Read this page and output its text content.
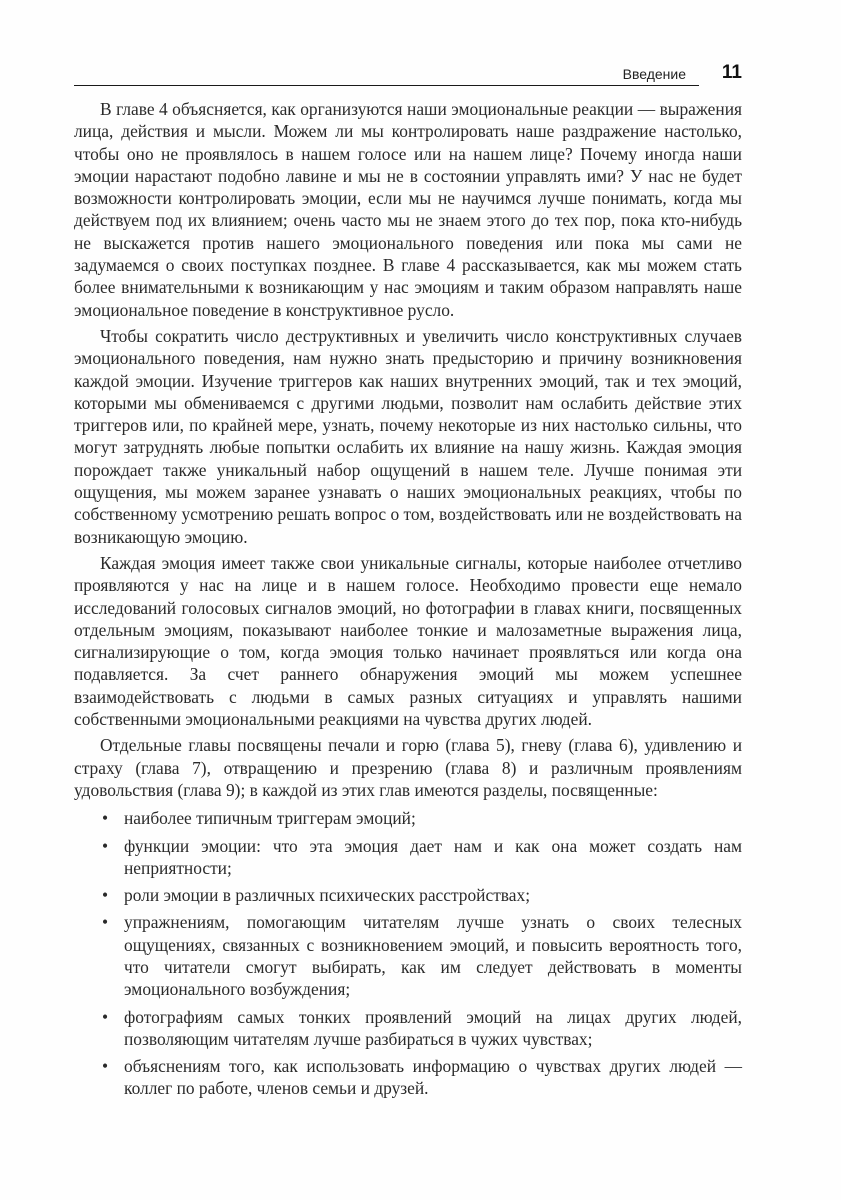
Введение 11

В главе 4 объясняется, как организуются наши эмоциональные реакции — выражения лица, действия и мысли. Можем ли мы контролировать наше раздражение настолько, чтобы оно не проявлялось в нашем голосе или на нашем лице? Почему иногда наши эмоции нарастают подобно лавине и мы не в состоянии управлять ими? У нас не будет возможности контролировать эмоции, если мы не научимся лучше понимать, когда мы действуем под их влиянием; очень часто мы не знаем этого до тех пор, пока кто-нибудь не выскажется против нашего эмоционального поведения или пока мы сами не задумаемся о своих поступках позднее. В главе 4 рассказывается, как мы можем стать более внимательными к возникающим у нас эмоциям и таким образом направлять наше эмоциональное поведение в конструктивное русло.

Чтобы сократить число деструктивных и увеличить число конструктивных случаев эмоционального поведения, нам нужно знать предысторию и причину возникновения каждой эмоции. Изучение триггеров как наших внутренних эмоций, так и тех эмоций, которыми мы обмениваемся с другими людьми, позволит нам ослабить действие этих триггеров или, по крайней мере, узнать, почему некоторые из них настолько сильны, что могут затруднять любые попытки ослабить их влияние на нашу жизнь. Каждая эмоция порождает также уникальный набор ощущений в нашем теле. Лучше понимая эти ощущения, мы можем заранее узнавать о наших эмоциональных реакциях, чтобы по собственному усмотрению решать вопрос о том, воздействовать или не воздействовать на возникающую эмоцию.

Каждая эмоция имеет также свои уникальные сигналы, которые наиболее отчетливо проявляются у нас на лице и в нашем голосе. Необходимо провести еще немало исследований голосовых сигналов эмоций, но фотографии в главах книги, посвященных отдельным эмоциям, показывают наиболее тонкие и малозаметные выражения лица, сигнализирующие о том, когда эмоция только начинает проявляться или когда она подавляется. За счет раннего обнаружения эмоций мы можем успешнее взаимодействовать с людьми в самых разных ситуациях и управлять нашими собственными эмоциональными реакциями на чувства других людей.

Отдельные главы посвящены печали и горю (глава 5), гневу (глава 6), удивлению и страху (глава 7), отвращению и презрению (глава 8) и различным проявлениям удовольствия (глава 9); в каждой из этих глав имеются разделы, посвященные:

• наиболее типичным триггерам эмоций;
• функции эмоции: что эта эмоция дает нам и как она может создать нам неприятности;
• роли эмоции в различных психических расстройствах;
• упражнениям, помогающим читателям лучше узнать о своих телесных ощущениях, связанных с возникновением эмоций, и повысить вероятность того, что читатели смогут выбирать, как им следует действовать в моменты эмоционального возбуждения;
• фотографиям самых тонких проявлений эмоций на лицах других людей, позволяющим читателям лучше разбираться в чужих чувствах;
• объяснениям того, как использовать информацию о чувствах других людей — коллег по работе, членов семьи и друзей.
